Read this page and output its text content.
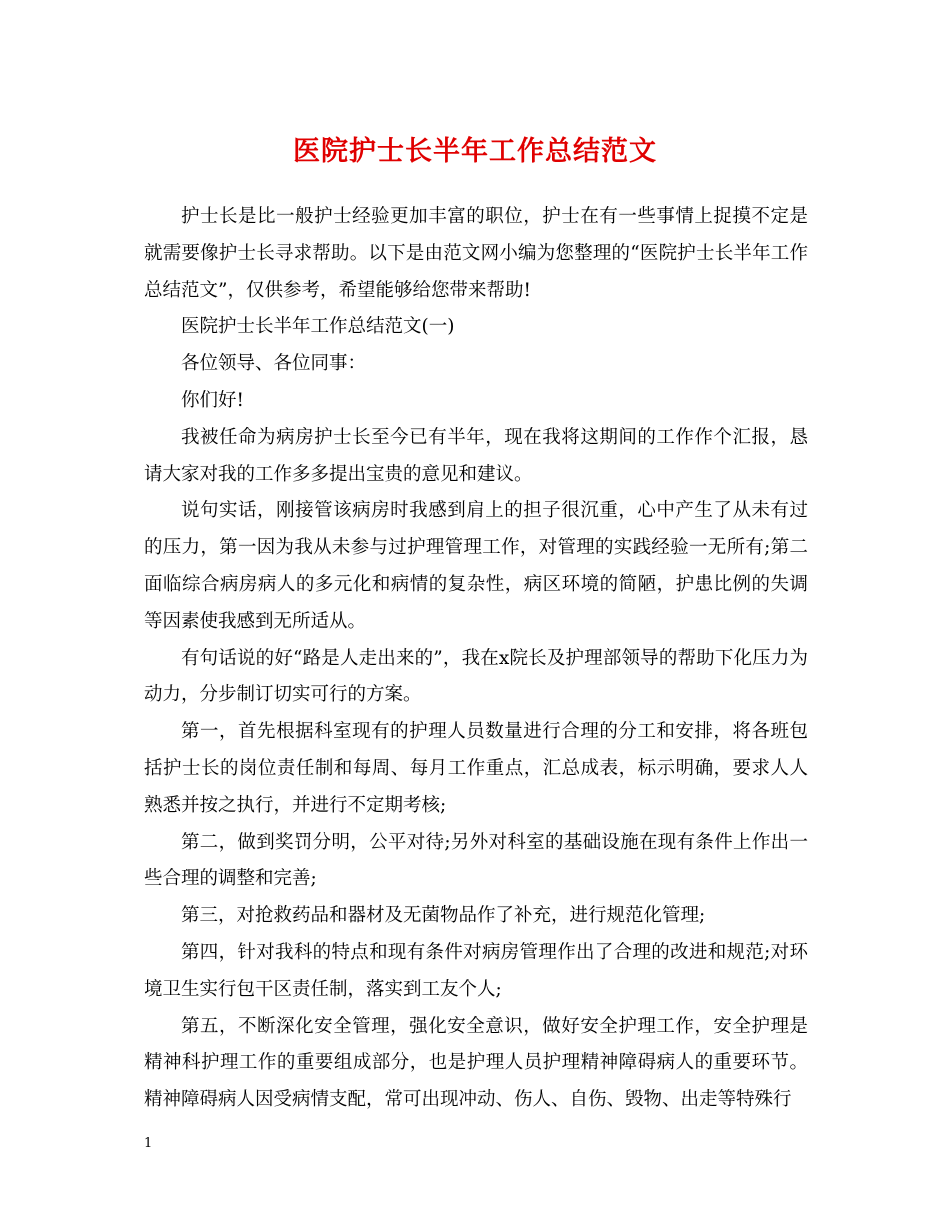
医院护士长半年工作总结范文

护士长是比一般护士经验更加丰富的职位，护士在有一些事情上捉摸不定是就需要像护士长寻求帮助。以下是由范文网小编为您整理的“医院护士长半年工作总结范文”，仅供参考，希望能够给您带来帮助!

医院护士长半年工作总结范文(一)

各位领导、各位同事：

你们好!

我被任命为病房护士长至今已有半年，现在我将这期间的工作作个汇报，恳请大家对我的工作多多提出宝贵的意见和建议。

说句实话，刚接管该病房时我感到肩上的担子很沉重，心中产生了从未有过的压力，第一因为我从未参与过护理管理工作，对管理的实践经验一无所有;第二面临综合病房病人的多元化和病情的复杂性，病区环境的简陋，护患比例的失调等因素使我感到无所适从。

有句话说的好“路是人走出来的”，我在x院长及护理部领导的帮助下化压力为动力，分步制订切实可行的方案。

第一，首先根据科室现有的护理人员数量进行合理的分工和安排，将各班包括护士长的岗位责任制和每周、每月工作重点，汇总成表，标示明确，要求人人熟悉并按之执行，并进行不定期考核;

第二，做到奖罚分明，公平对待;另外对科室的基础设施在现有条件上作出一些合理的调整和完善;

第三，对抢救药品和器材及无菌物品作了补充，进行规范化管理;

第四，针对我科的特点和现有条件对病房管理作出了合理的改进和规范;对环境卫生实行包干区责任制，落实到工友个人;

第五，不断深化安全管理，强化安全意识，做好安全护理工作，安全护理是精神科护理工作的重要组成部分，也是护理人员护理精神障碍病人的重要环节。精神障碍病人因受病情支配，常可出现冲动、伤人、自伤、毁物、出走等特殊行

1
